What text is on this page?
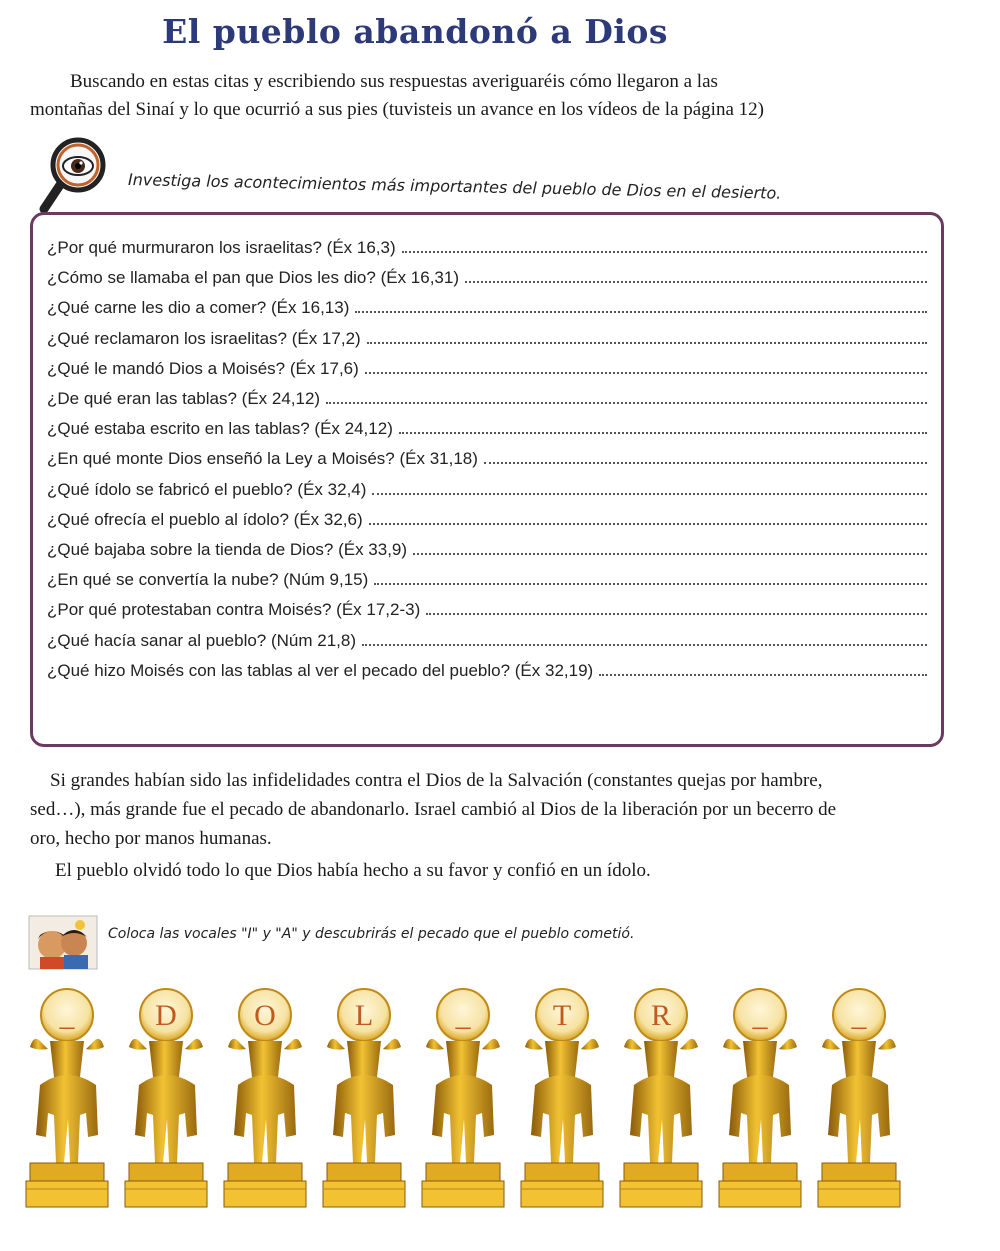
El pueblo abandonó a Dios
Buscando en estas citas y escribiendo sus respuestas averiguaréis cómo llegaron a las
montañas del Sinaí y lo que ocurrió a sus pies (tuvisteis un avance en los vídeos de la página 12)
Investiga los acontecimientos más importantes del pueblo de Dios en el desierto.
¿Por qué murmuraron los israelitas? (Éx 16,3)
¿Cómo se llamaba el pan que Dios les dio? (Éx 16,31)
¿Qué carne les dio a comer? (Éx 16,13)
¿Qué reclamaron los israelitas? (Éx 17,2)
¿Qué le mandó Dios a Moisés? (Éx 17,6)
¿De qué eran las tablas? (Éx 24,12)
¿Qué estaba escrito en las tablas? (Éx 24,12)
¿En qué monte Dios enseñó la Ley a Moisés? (Éx 31,18)
¿Qué ídolo se fabricó el pueblo? (Éx 32,4)
¿Qué ofrecía el pueblo al ídolo? (Éx 32,6)
¿Qué bajaba sobre la tienda de Dios? (Éx 33,9)
¿En qué se convertía la nube? (Núm 9,15)
¿Por qué protestaban contra Moisés? (Éx 17,2-3)
¿Qué hacía sanar al pueblo? (Núm 21,8)
¿Qué hizo Moisés con las tablas al ver el pecado del pueblo? (Éx 32,19)
Si grandes habían sido las infidelidades contra el Dios de la Salvación (constantes quejas por hambre,
sed…), más grande fue el pecado de abandonarlo. Israel cambió al Dios de la liberación por un becerro de
oro, hecho por manos humanas.
El pueblo olvidó todo lo que Dios había hecho a su favor y confió en un ídolo.
Coloca las vocales "I" y "A" y descubrirás el pecado que el pueblo cometió.
_	D	O	L	_	T	R	_	_
